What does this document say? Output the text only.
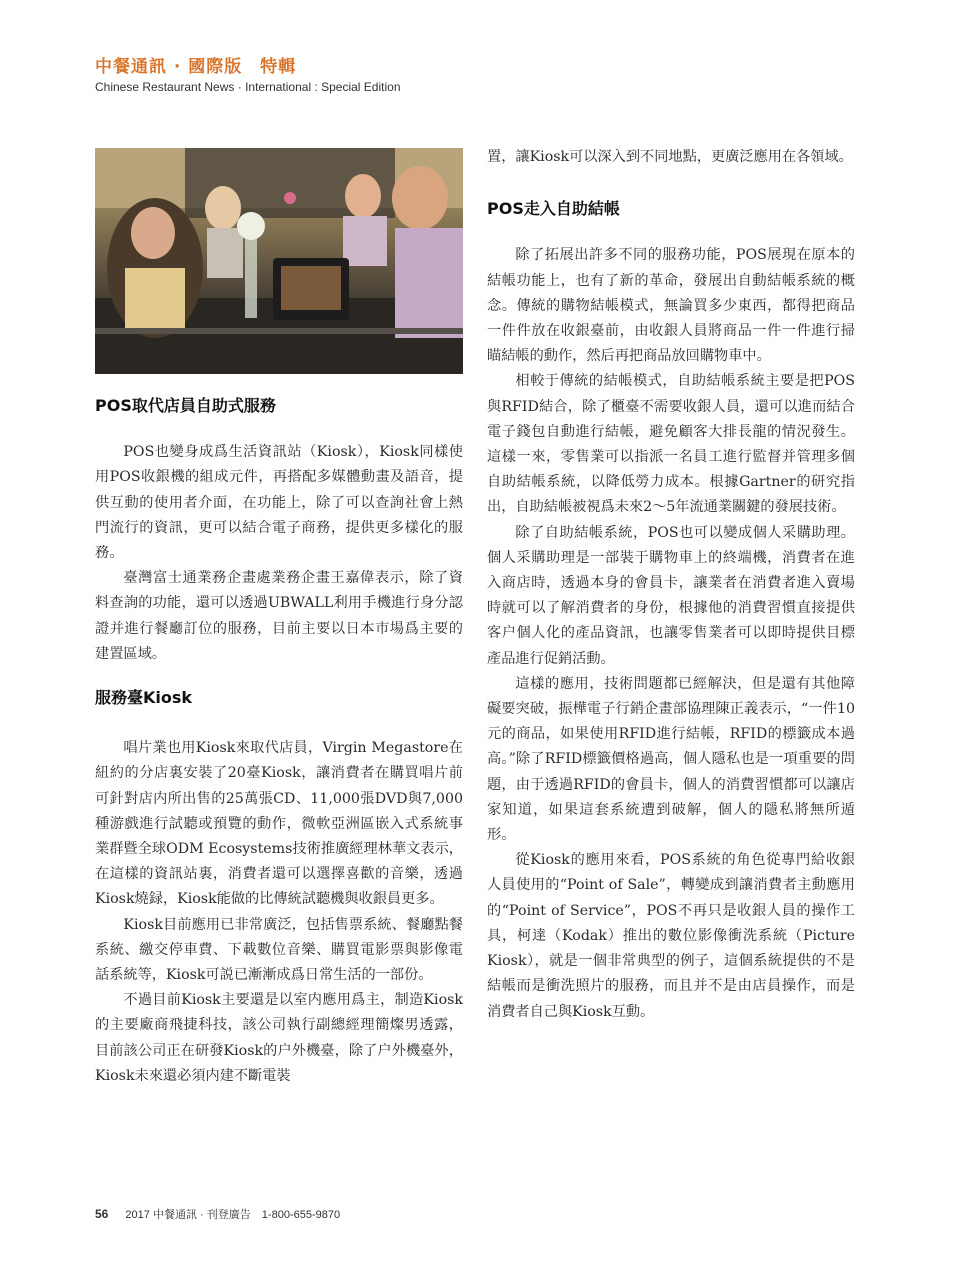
中餐通訊 · 國際版　特輯
Chinese Restaurant News · International : Special Edition
POS取代店員自助式服務

POS也變身成爲生活資訊站（Kiosk），Kiosk同樣使用POS收銀機的組成元件，再搭配多媒體動畫及語音，提供互動的使用者介面，在功能上，除了可以查詢社會上熱門流行的資訊，更可以結合電子商務，提供更多樣化的服務。

臺灣富士通業務企畫處業務企畫王嘉偉表示，除了資料查詢的功能，還可以透過UBWALL利用手機進行身分認證并進行餐廳訂位的服務，目前主要以日本市場爲主要的建置區域。

服務臺Kiosk

唱片業也用Kiosk來取代店員，Virgin Megastore在紐約的分店裏安裝了20臺Kiosk，讓消費者在購買唱片前可針對店内所出售的25萬張CD、11,000張DVD與7,000種游戲進行試聽或預覽的動作，微軟亞洲區嵌入式系統事業群暨全球ODM Ecosystems技術推廣經理林華文表示，在這樣的資訊站裏，消費者還可以選擇喜歡的音樂，透過Kiosk燒録，Kiosk能做的比傳統試聽機與收銀員更多。

Kiosk目前應用已非常廣泛，包括售票系統、餐廳點餐系統、繳交停車費、下載數位音樂、購買電影票與影像電話系統等，Kiosk可説已漸漸成爲日常生活的一部份。

不過目前Kiosk主要還是以室内應用爲主，制造Kiosk的主要廠商飛捷科技，該公司執行副總經理簡燦男透露，目前該公司正在研發Kiosk的户外機臺，除了户外機臺外，Kiosk未來還必須内建不斷電裝

置，讓Kiosk可以深入到不同地點，更廣泛應用在各領域。

POS走入自助結帳

除了拓展出許多不同的服務功能，POS展現在原本的結帳功能上，也有了新的革命，發展出自動結帳系統的概念。傳統的購物結帳模式，無論買多少東西，都得把商品一件件放在收銀臺前，由收銀人員將商品一件一件進行掃瞄結帳的動作，然后再把商品放回購物車中。

相較于傳統的結帳模式，自助結帳系統主要是把POS與RFID結合，除了櫃臺不需要收銀人員，還可以進而結合電子錢包自動進行結帳，避免顧客大排長龍的情況發生。這樣一來，零售業可以指派一名員工進行監督并管理多個自助結帳系統，以降低勞力成本。根據Gartner的研究指出，自助結帳被視爲未來2～5年流通業關鍵的發展技術。

除了自助結帳系統，POS也可以變成個人采購助理。個人采購助理是一部裝于購物車上的終端機，消費者在進入商店時，透過本身的會員卡，讓業者在消費者進入賣場時就可以了解消費者的身份，根據他的消費習慣直接提供客户個人化的產品資訊，也讓零售業者可以即時提供目標產品進行促銷活動。

這樣的應用，技術問題都已經解決，但是還有其他障礙要突破，振樺電子行銷企畫部協理陳正義表示，“一件10元的商品，如果使用RFID進行結帳，RFID的標籤成本過高。”除了RFID標籤價格過高，個人隱私也是一項重要的問題，由于透過RFID的會員卡，個人的消費習慣都可以讓店家知道，如果這套系統遭到破解，個人的隱私將無所遁形。

從Kiosk的應用來看，POS系統的角色從專門給收銀人員使用的“Point of Sale”，轉變成到讓消費者主動應用的“Point of Service”，POS不再只是收銀人員的操作工具，柯達（Kodak）推出的數位影像衝洗系統（Picture Kiosk），就是一個非常典型的例子，這個系統提供的不是結帳而是衝洗照片的服務，而且并不是由店員操作，而是消費者自己與Kiosk互動。

56 2017 中餐通訊 · 刊登廣告 1-800-655-9870
